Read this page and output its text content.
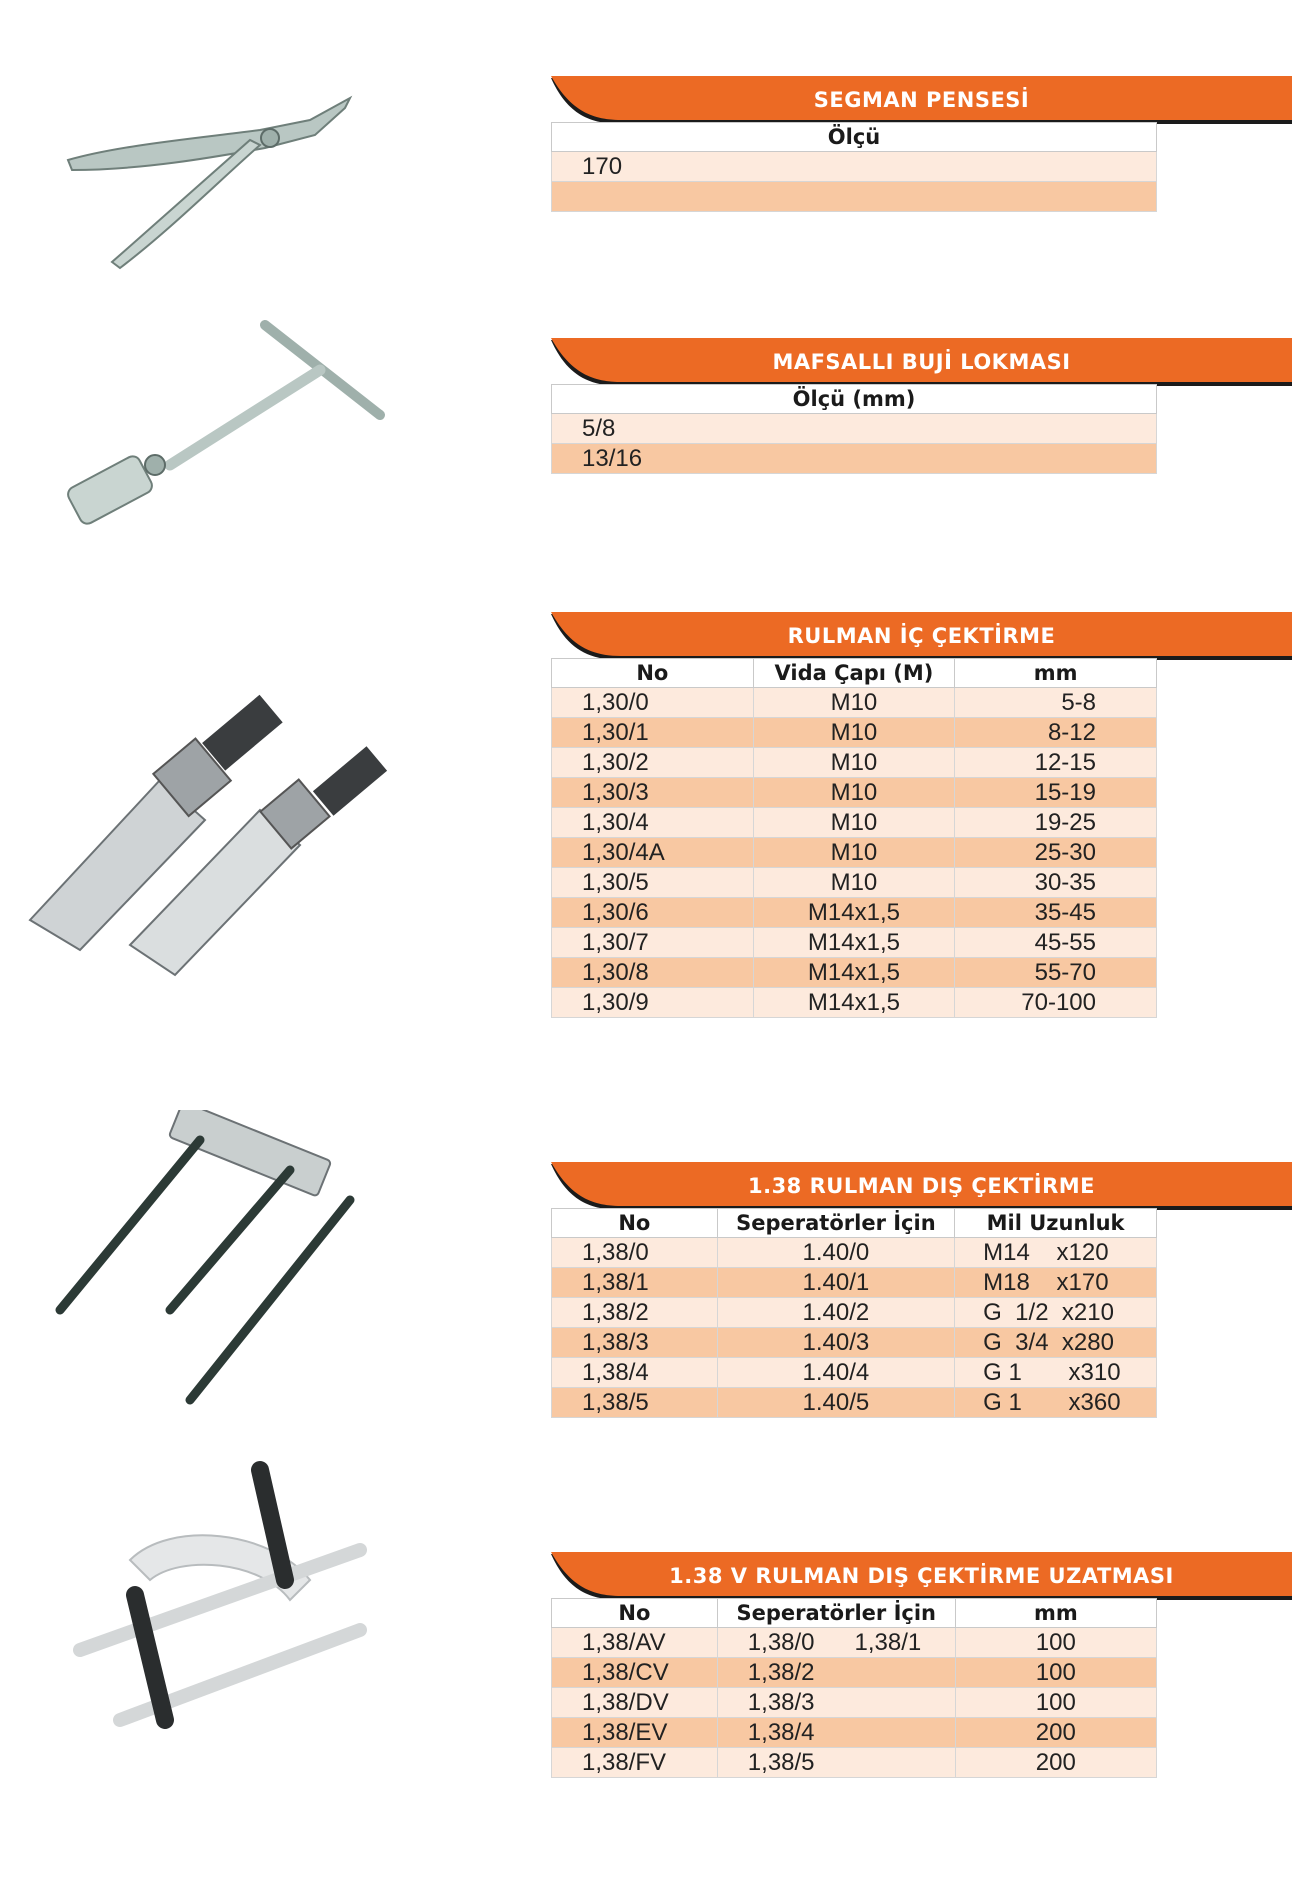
SEGMAN PENSESİ
Ölçü
170

MAFSALLI BUJİ LOKMASI
Ölçü (mm)
5/8
13/16
RULMAN İÇ ÇEKTİRME
No	Vida Çapı (M)	mm
1,30/0	M10	5-8
1,30/1	M10	8-12
1,30/2	M10	12-15
1,30/3	M10	15-19
1,30/4	M10	19-25
1,30/4A	M10	25-30
1,30/5	M10	30-35
1,30/6	M14x1,5	35-45
1,30/7	M14x1,5	45-55
1,30/8	M14x1,5	55-70
1,30/9	M14x1,5	70-100
1.38 RULMAN DIŞ ÇEKTİRME
No	Seperatörler İçin	Mil Uzunluk
1,38/0	1.40/0	M14    x120
1,38/1	1.40/1	M18    x170
1,38/2	1.40/2	G  1/2  x210
1,38/3	1.40/3	G  3/4  x280
1,38/4	1.40/4	G 1       x310
1,38/5	1.40/5	G 1       x360
1.38 V RULMAN DIŞ ÇEKTİRME UZATMASI
No	Seperatörler İçin	mm
1,38/AV	1,38/0      1,38/1	100
1,38/CV	1,38/2	100
1,38/DV	1,38/3	100
1,38/EV	1,38/4	200
1,38/FV	1,38/5	200
